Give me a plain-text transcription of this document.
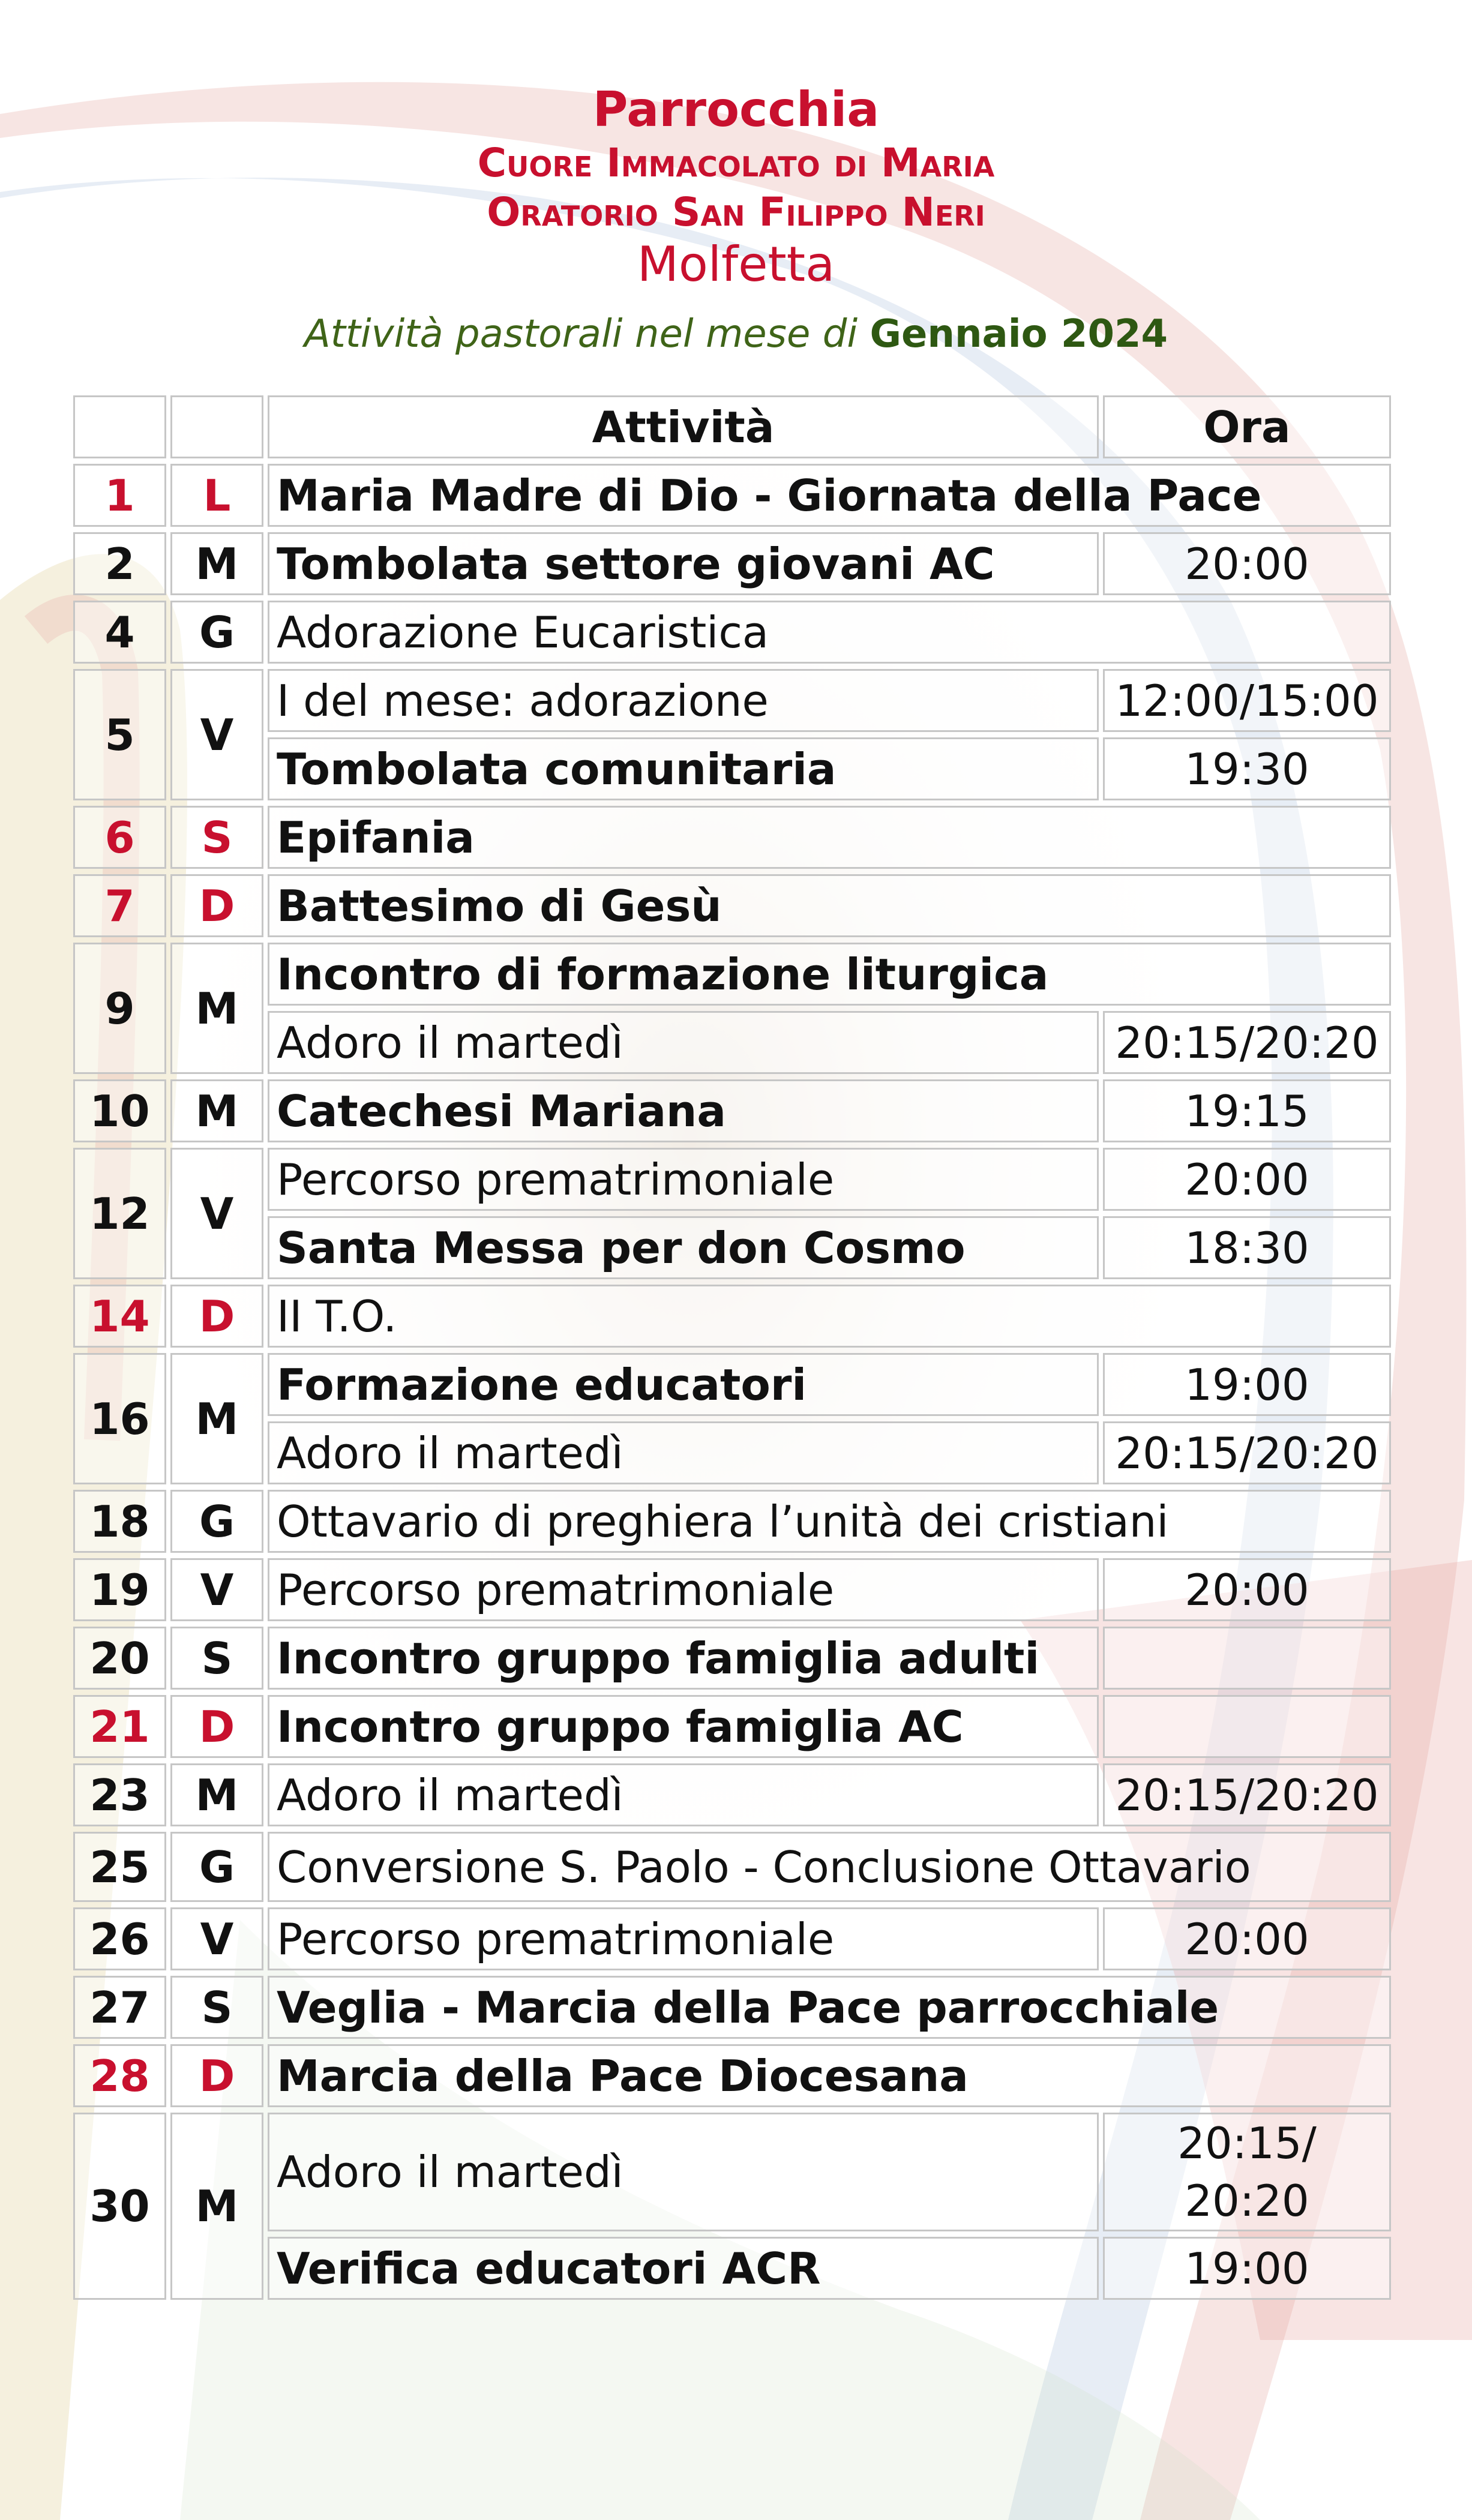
Parrocchia
Cuore Immacolato di Maria
Oratorio San Filippo Neri
Molfetta
Attività pastorali nel mese di Gennaio 2024
		Attività	Ora
1	L	Maria Madre di Dio - Giornata della Pace	
2	M	Tombolata settore giovani AC	20:00
4	G	Adorazione Eucaristica	
5	V	I del mese: adorazione	12:00/15:00
		Tombolata comunitaria	19:30
6	S	Epifania	
7	D	Battesimo di Gesù	
9	M	Incontro di formazione liturgica	
		Adoro il martedì	20:15/20:20
10	M	Catechesi Mariana	19:15
12	V	Percorso prematrimoniale	20:00
		Santa Messa per don Cosmo	18:30
14	D	II T.O.	
16	M	Formazione educatori	19:00
		Adoro il martedì	20:15/20:20
18	G	Ottavario di preghiera l’unità dei cristiani	
19	V	Percorso prematrimoniale	20:00
20	S	Incontro gruppo famiglia adulti	
21	D	Incontro gruppo famiglia AC	
23	M	Adoro il martedì	20:15/20:20
25	G	Conversione S. Paolo - Conclusione Ottavario	
26	V	Percorso prematrimoniale	20:00
27	S	Veglia - Marcia della Pace parrocchiale	
28	D	Marcia della Pace Diocesana	
30	M	Adoro il martedì	20:15/ 20:20
		Verifica educatori ACR	19:00
